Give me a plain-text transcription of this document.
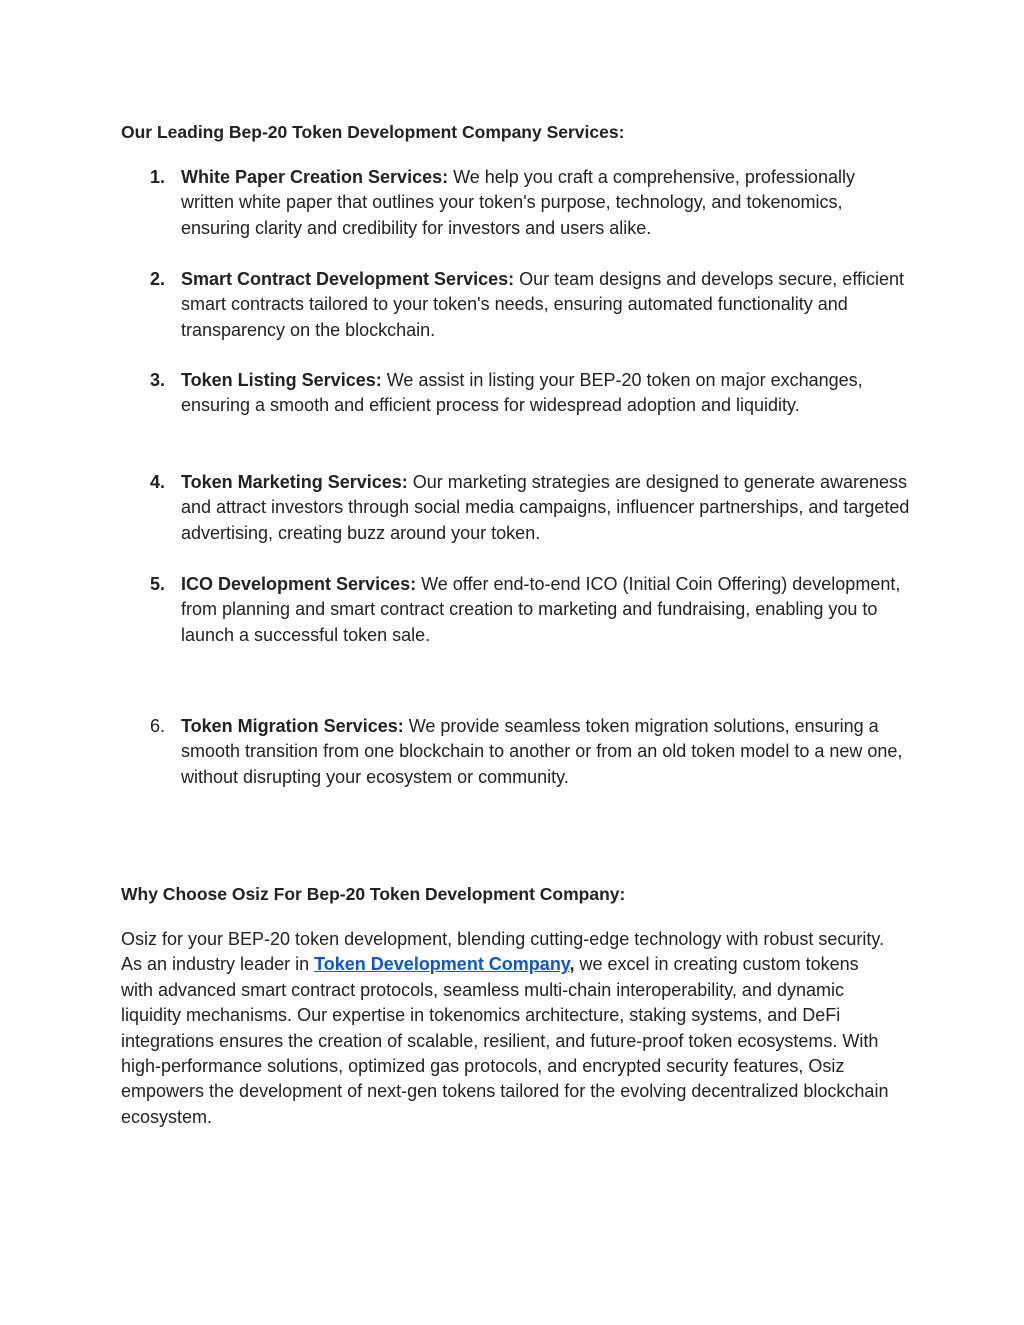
Our Leading Bep-20 Token Development Company Services:
1. White Paper Creation Services: We help you craft a comprehensive, professionally written white paper that outlines your token's purpose, technology, and tokenomics, ensuring clarity and credibility for investors and users alike.
2. Smart Contract Development Services: Our team designs and develops secure, efficient smart contracts tailored to your token's needs, ensuring automated functionality and transparency on the blockchain.
3. Token Listing Services: We assist in listing your BEP-20 token on major exchanges, ensuring a smooth and efficient process for widespread adoption and liquidity.
4. Token Marketing Services: Our marketing strategies are designed to generate awareness and attract investors through social media campaigns, influencer partnerships, and targeted advertising, creating buzz around your token.
5. ICO Development Services: We offer end-to-end ICO (Initial Coin Offering) development, from planning and smart contract creation to marketing and fundraising, enabling you to launch a successful token sale.
6. Token Migration Services: We provide seamless token migration solutions, ensuring a smooth transition from one blockchain to another or from an old token model to a new one, without disrupting your ecosystem or community.
Why Choose Osiz For Bep-20 Token Development Company:

Osiz for your BEP-20 token development, blending cutting-edge technology with robust security. As an industry leader in Token Development Company, we excel in creating custom tokens with advanced smart contract protocols, seamless multi-chain interoperability, and dynamic liquidity mechanisms. Our expertise in tokenomics architecture, staking systems, and DeFi integrations ensures the creation of scalable, resilient, and future-proof token ecosystems. With high-performance solutions, optimized gas protocols, and encrypted security features, Osiz empowers the development of next-gen tokens tailored for the evolving decentralized blockchain ecosystem.
